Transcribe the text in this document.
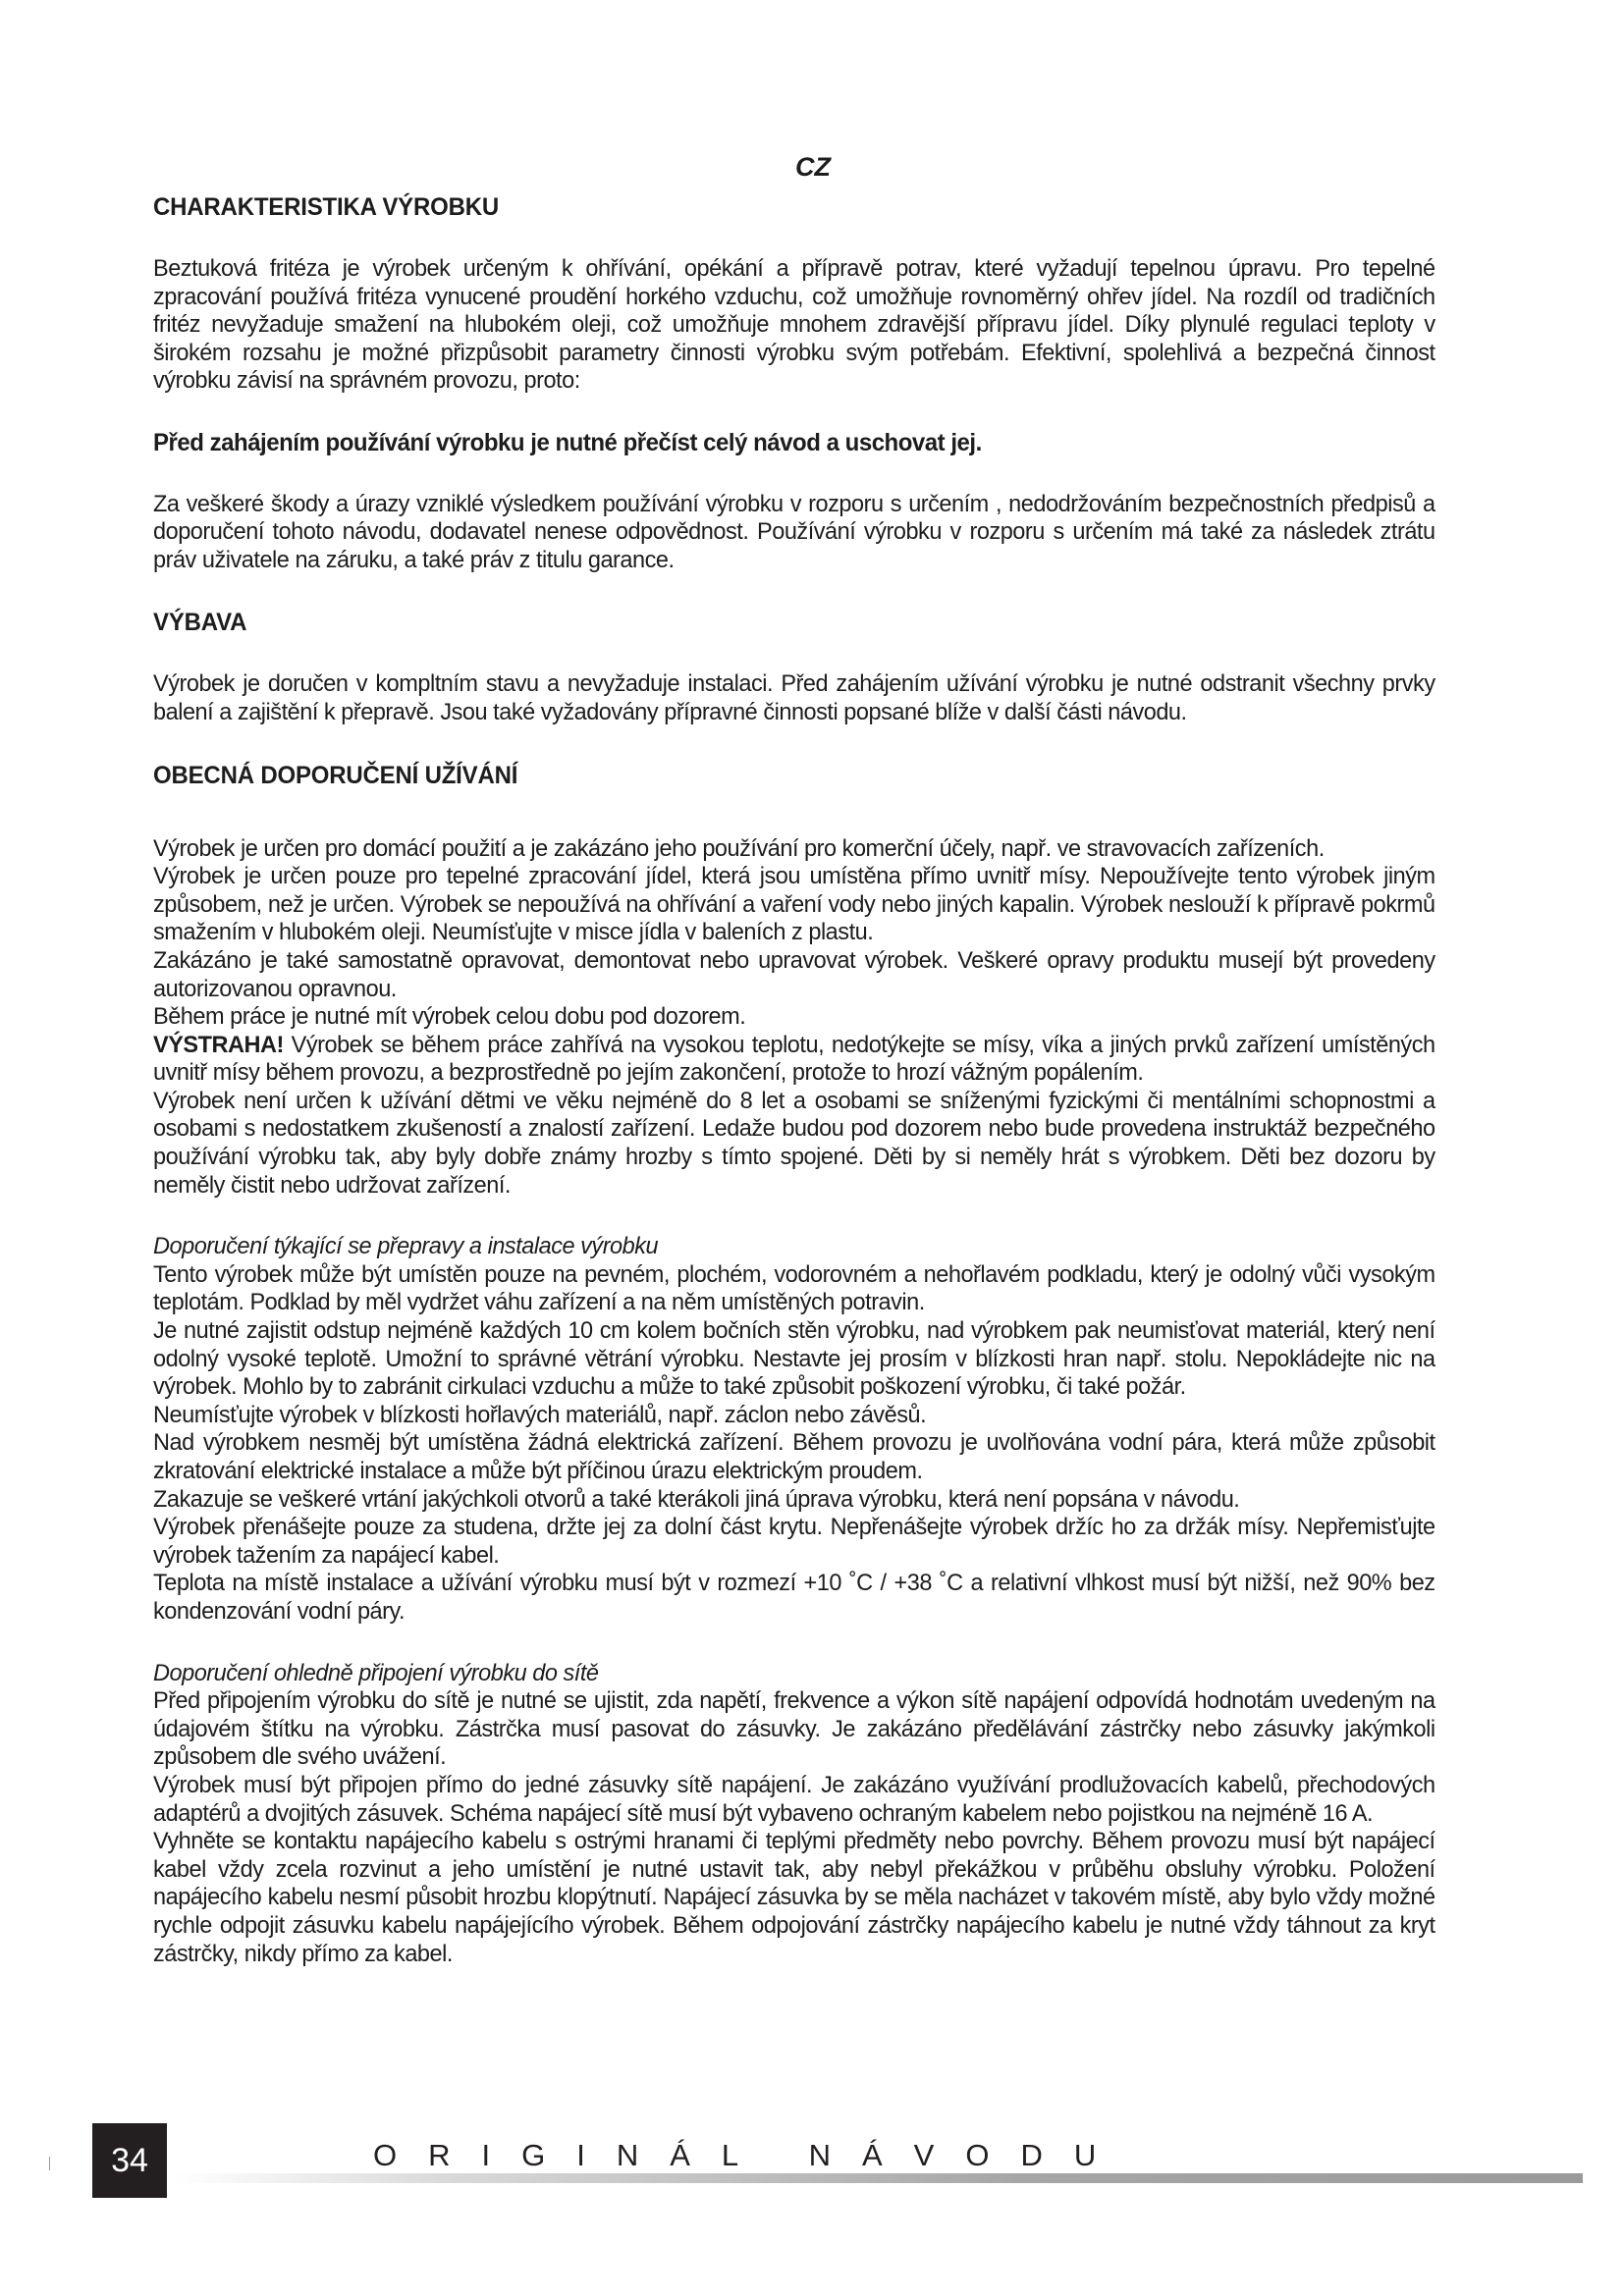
CZ
CHARAKTERISTIKA VÝROBKU

Beztuková fritéza je výrobek určeným k ohřívání, opékání a přípravě potrav, které vyžadují tepelnou úpravu. Pro tepelné zpracování používá fritéza vynucené proudění horkého vzduchu, což umožňuje rovnoměrný ohřev jídel. Na rozdíl od tradičních fritéz nevyžaduje smažení na hlubokém oleji, což umožňuje mnohem zdravější přípravu jídel. Díky plynulé regulaci teploty v širokém rozsahu je možné přizpůsobit parametry činnosti výrobku svým potřebám. Efektivní, spolehlivá a bezpečná činnost výrobku závisí na správném provozu, proto:

Před zahájením používání výrobku je nutné přečíst celý návod a uschovat jej.

Za veškeré škody a úrazy vzniklé výsledkem používání výrobku v rozporu s určením , nedodržováním bezpečnostních předpisů a doporučení tohoto návodu, dodavatel nenese odpovědnost. Používání výrobku v rozporu s určením má také za následek ztrátu práv uživatele na záruku, a také práv z titulu garance.

VÝBAVA

Výrobek je doručen v kompltním stavu a nevyžaduje instalaci. Před zahájením užívání výrobku je nutné odstranit všechny prvky balení a zajištění k přepravě. Jsou také vyžadovány přípravné činnosti popsané blíže v další části návodu.

OBECNÁ DOPORUČENÍ UŽÍVÁNÍ

Výrobek je určen pro domácí použití a je zakázáno jeho používání pro komerční účely, např. ve stravovacích zařízeních.

Výrobek je určen pouze pro tepelné zpracování jídel, která jsou umístěna přímo uvnitř mísy. Nepoužívejte tento výrobek jiným způsobem, než je určen. Výrobek se nepoužívá na ohřívání a vaření vody nebo jiných kapalin. Výrobek neslouží k přípravě pokrmů smažením v hlubokém oleji. Neumísťujte v misce jídla v baleních z plastu.

Zakázáno je také samostatně opravovat, demontovat nebo upravovat výrobek. Veškeré opravy produktu musejí být provedeny autorizovanou opravnou.

Během práce je nutné mít výrobek celou dobu pod dozorem.

VÝSTRAHA! Výrobek se během práce zahřívá na vysokou teplotu, nedotýkejte se mísy, víka a jiných prvků zařízení umístěných uvnitř mísy během provozu, a bezprostředně po jejím zakončení, protože to hrozí vážným popálením.

Výrobek není určen k užívání dětmi ve věku nejméně do 8 let a osobami se sníženými fyzickými či mentálními schopnostmi a osobami s nedostatkem zkušeností a znalostí zařízení. Ledaže budou pod dozorem nebo bude provedena instruktáž bezpečného používání výrobku tak, aby byly dobře známy hrozby s tímto spojené. Děti by si neměly hrát s výrobkem. Děti bez dozoru by neměly čistit nebo udržovat zařízení.

Doporučení týkající se přepravy a instalace výrobku

Tento výrobek může být umístěn pouze na pevném, plochém, vodorovném a nehořlavém podkladu, který je odolný vůči vysokým teplotám. Podklad by měl vydržet váhu zařízení a na něm umístěných potravin.

Je nutné zajistit odstup nejméně každých 10 cm kolem bočních stěn výrobku, nad výrobkem pak neumisťovat materiál, který není odolný vysoké teplotě. Umožní to správné větrání výrobku. Nestavte jej prosím v blízkosti hran např. stolu. Nepokládejte nic na výrobek. Mohlo by to zabránit cirkulaci vzduchu a může to také způsobit poškození výrobku, či také požár.

Neumísťujte výrobek v blízkosti hořlavých materiálů, např. záclon nebo závěsů.

Nad výrobkem nesměj být umístěna žádná elektrická zařízení. Během provozu je uvolňována vodní pára, která může způsobit zkratování elektrické instalace a může být příčinou úrazu elektrickým proudem.

Zakazuje se veškeré vrtání jakýchkoli otvorů a také kterákoli jiná úprava výrobku, která není popsána v návodu.

Výrobek přenášejte pouze za studena, držte jej za dolní část krytu. Nepřenášejte výrobek držíc ho za držák mísy. Nepřemisťujte výrobek tažením za napájecí kabel.

Teplota na místě instalace a užívání výrobku musí být v rozmezí +10 ˚C / +38 ˚C a relativní vlhkost musí být nižší, než 90% bez kondenzování vodní páry.

Doporučení ohledně připojení výrobku do sítě

Před připojením výrobku do sítě je nutné se ujistit, zda napětí, frekvence a výkon sítě napájení odpovídá hodnotám uvedeným na údajovém štítku na výrobku. Zástrčka musí pasovat do zásuvky. Je zakázáno předělávání zástrčky nebo zásuvky jakýmkoli způsobem dle svého uvážení.

Výrobek musí být připojen přímo do jedné zásuvky sítě napájení. Je zakázáno využívání prodlužovacích kabelů, přechodových adaptérů a dvojitých zásuvek. Schéma napájecí sítě musí být vybaveno ochraným kabelem nebo pojistkou na nejméně 16 A.

Vyhněte se kontaktu napájecího kabelu s ostrými hranami či teplými předměty nebo povrchy. Během provozu musí být napájecí kabel vždy zcela rozvinut a jeho umístění je nutné ustavit tak, aby nebyl překážkou v průběhu obsluhy výrobku. Položení napájecího kabelu nesmí působit hrozbu klopýtnutí. Napájecí zásuvka by se měla nacházet v takovém místě, aby bylo vždy možné rychle odpojit zásuvku kabelu napájejícího výrobek. Během odpojování zástrčky napájecího kabelu je nutné vždy táhnout za kryt zástrčky, nikdy přímo za kabel.

34	ORIGINÁL NÁVODU
